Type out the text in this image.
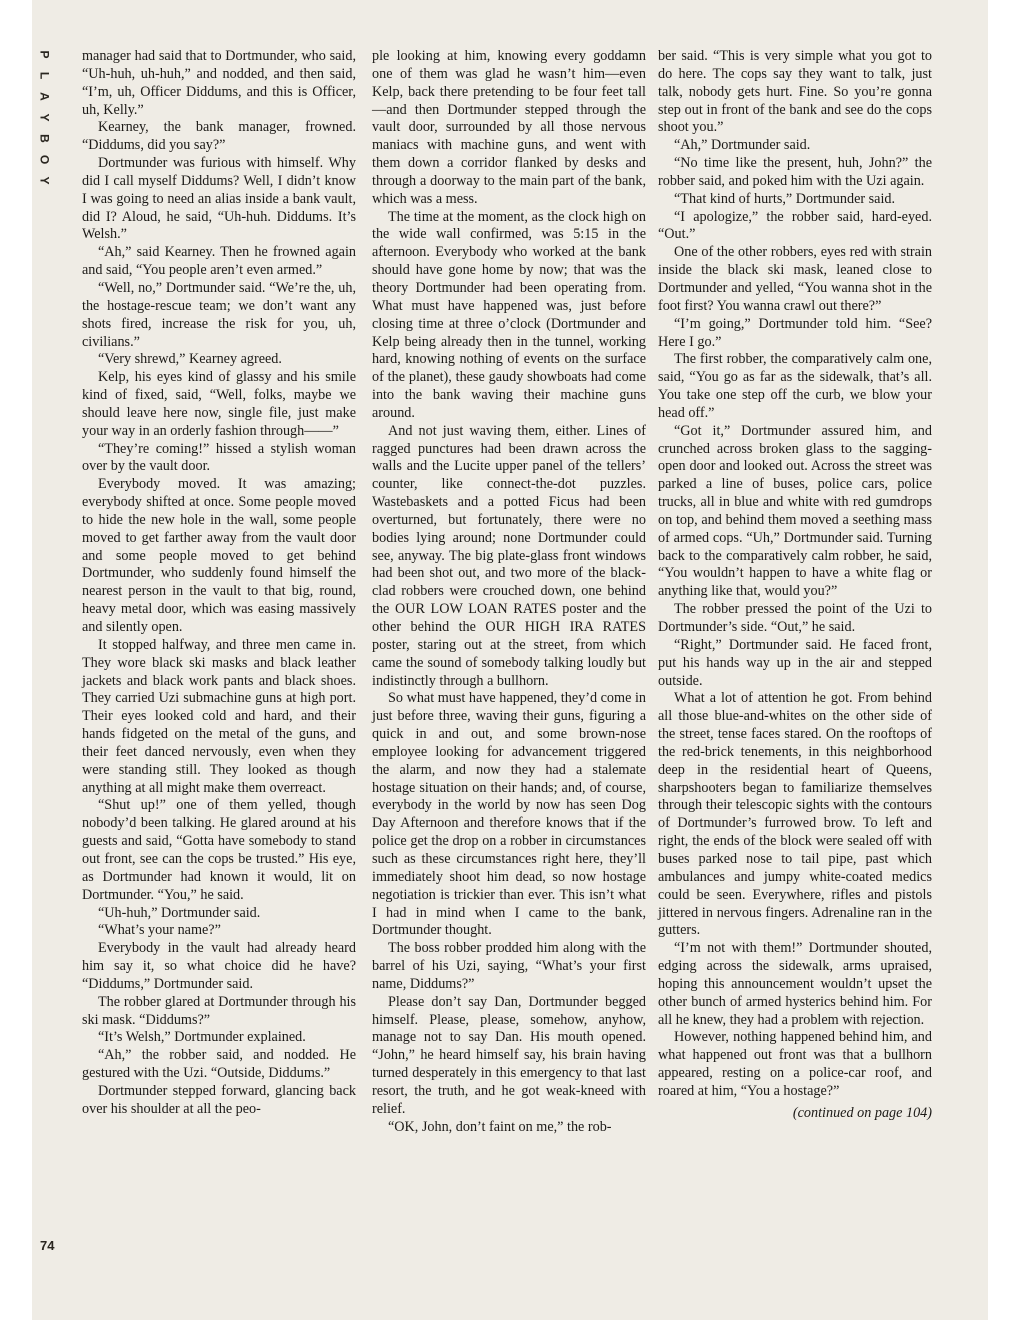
P
L
A
Y
B
O
Y

manager had said that to Dortmunder, who said, “Uh-huh, uh-huh,” and nodded, and then said, “I’m, uh, Officer Diddums, and this is Officer, uh, Kelly.”

Kearney, the bank manager, frowned. “Diddums, did you say?”

Dortmunder was furious with himself. Why did I call myself Diddums? Well, I didn’t know I was going to need an alias inside a bank vault, did I? Aloud, he said, “Uh-huh. Diddums. It’s Welsh.”

“Ah,” said Kearney. Then he frowned again and said, “You people aren’t even armed.”

“Well, no,” Dortmunder said. “We’re the, uh, the hostage-rescue team; we don’t want any shots fired, increase the risk for you, uh, civilians.”

“Very shrewd,” Kearney agreed.

Kelp, his eyes kind of glassy and his smile kind of fixed, said, “Well, folks, maybe we should leave here now, single file, just make your way in an orderly fashion through——”

“They’re coming!” hissed a stylish woman over by the vault door.

Everybody moved. It was amazing; everybody shifted at once. Some people moved to hide the new hole in the wall, some people moved to get farther away from the vault door and some people moved to get behind Dortmunder, who suddenly found himself the nearest person in the vault to that big, round, heavy metal door, which was easing massively and silently open.

It stopped halfway, and three men came in. They wore black ski masks and black leather jackets and black work pants and black shoes. They carried Uzi submachine guns at high port. Their eyes looked cold and hard, and their hands fidgeted on the metal of the guns, and their feet danced nervously, even when they were standing still. They looked as though anything at all might make them overreact.

“Shut up!” one of them yelled, though nobody’d been talking. He glared around at his guests and said, “Gotta have somebody to stand out front, see can the cops be trusted.” His eye, as Dortmunder had known it would, lit on Dortmunder. “You,” he said.

“Uh-huh,” Dortmunder said.

“What’s your name?”

Everybody in the vault had already heard him say it, so what choice did he have? “Diddums,” Dortmunder said.

The robber glared at Dortmunder through his ski mask. “Diddums?”

“It’s Welsh,” Dortmunder explained.

“Ah,” the robber said, and nodded. He gestured with the Uzi. “Outside, Diddums.”

Dortmunder stepped forward, glancing back over his shoulder at all the peo-

ple looking at him, knowing every goddamn one of them was glad he wasn’t him—even Kelp, back there pretending to be four feet tall—and then Dortmunder stepped through the vault door, surrounded by all those nervous maniacs with machine guns, and went with them down a corridor flanked by desks and through a doorway to the main part of the bank, which was a mess.

The time at the moment, as the clock high on the wide wall confirmed, was 5:15 in the afternoon. Everybody who worked at the bank should have gone home by now; that was the theory Dortmunder had been operating from. What must have happened was, just before closing time at three o’clock (Dortmunder and Kelp being already then in the tunnel, working hard, knowing nothing of events on the surface of the planet), these gaudy showboats had come into the bank waving their machine guns around.

And not just waving them, either. Lines of ragged punctures had been drawn across the walls and the Lucite upper panel of the tellers’ counter, like connect-the-dot puzzles. Wastebaskets and a potted Ficus had been overturned, but fortunately, there were no bodies lying around; none Dortmunder could see, anyway. The big plate-glass front windows had been shot out, and two more of the black-clad robbers were crouched down, one behind the OUR LOW LOAN RATES poster and the other behind the OUR HIGH IRA RATES poster, staring out at the street, from which came the sound of somebody talking loudly but indistinctly through a bullhorn.

So what must have happened, they’d come in just before three, waving their guns, figuring a quick in and out, and some brown-nose employee looking for advancement triggered the alarm, and now they had a stalemate hostage situation on their hands; and, of course, everybody in the world by now has seen Dog Day Afternoon and therefore knows that if the police get the drop on a robber in circumstances such as these circumstances right here, they’ll immediately shoot him dead, so now hostage negotiation is trickier than ever. This isn’t what I had in mind when I came to the bank, Dortmunder thought.

The boss robber prodded him along with the barrel of his Uzi, saying, “What’s your first name, Diddums?”

Please don’t say Dan, Dortmunder begged himself. Please, please, somehow, anyhow, manage not to say Dan. His mouth opened. “John,” he heard himself say, his brain having turned desperately in this emergency to that last resort, the truth, and he got weak-kneed with relief.

“OK, John, don’t faint on me,” the rob-

ber said. “This is very simple what you got to do here. The cops say they want to talk, just talk, nobody gets hurt. Fine. So you’re gonna step out in front of the bank and see do the cops shoot you.”

“Ah,” Dortmunder said.

“No time like the present, huh, John?” the robber said, and poked him with the Uzi again.

“That kind of hurts,” Dortmunder said.

“I apologize,” the robber said, hard-eyed. “Out.”

One of the other robbers, eyes red with strain inside the black ski mask, leaned close to Dortmunder and yelled, “You wanna shot in the foot first? You wanna crawl out there?”

“I’m going,” Dortmunder told him. “See? Here I go.”

The first robber, the comparatively calm one, said, “You go as far as the sidewalk, that’s all. You take one step off the curb, we blow your head off.”

“Got it,” Dortmunder assured him, and crunched across broken glass to the sagging-open door and looked out. Across the street was parked a line of buses, police cars, police trucks, all in blue and white with red gumdrops on top, and behind them moved a seething mass of armed cops. “Uh,” Dortmunder said. Turning back to the comparatively calm robber, he said, “You wouldn’t happen to have a white flag or anything like that, would you?”

The robber pressed the point of the Uzi to Dortmunder’s side. “Out,” he said.

“Right,” Dortmunder said. He faced front, put his hands way up in the air and stepped outside.

What a lot of attention he got. From behind all those blue-and-whites on the other side of the street, tense faces stared. On the rooftops of the red-brick tenements, in this neighborhood deep in the residential heart of Queens, sharpshooters began to familiarize themselves through their telescopic sights with the contours of Dortmunder’s furrowed brow. To left and right, the ends of the block were sealed off with buses parked nose to tail pipe, past which ambulances and jumpy white-coated medics could be seen. Everywhere, rifles and pistols jittered in nervous fingers. Adrenaline ran in the gutters.

“I’m not with them!” Dortmunder shouted, edging across the sidewalk, arms upraised, hoping this announcement wouldn’t upset the other bunch of armed hysterics behind him. For all he knew, they had a problem with rejection.

However, nothing happened behind him, and what happened out front was that a bullhorn appeared, resting on a police-car roof, and roared at him, “You a hostage?”

(continued on page 104)

74
